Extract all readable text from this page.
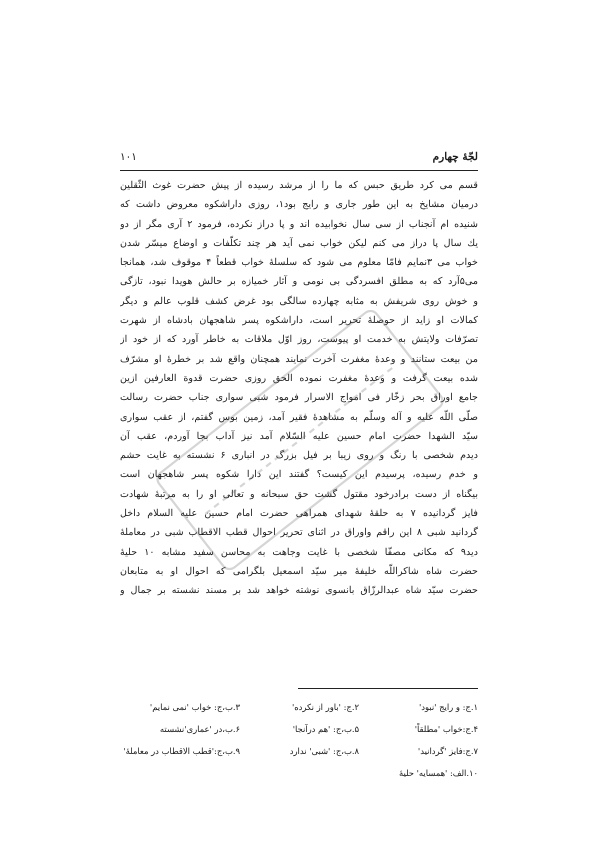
لجّهٔ چهارم
۱۰۱
قسم می کرد طریق حبس که ما را از مرشد رسیده از پیش حضرت غوث الثّقلین
درمیان مشایخ به این طور جاری و رایج بود۱، روزی داراشکوه معروض داشت که
شنیده ام آنجناب از سی سال نخوابیده اند و پا دراز نکرده، فرمود ۲ آری مگر از دو
یك سال پا دراز می کنم لیکن خواب نمی آید هر چند تکلّفات و اوضاع میسّر شدن
خواب می ۳نمایم فامّا معلوم می شود که سلسلهٔ خواب قطعاً ۴ موقوف شد، همانجا
می۵آرد که به مطلق افسردگی بی نومی و آثار خمیازه بر حالش هویدا نبود، تازگی
و خوش روی شریفش به مثابه چهارده سالگی بود غرض کشف قلوب عالم و دیگر
کمالات او زاید از حوصلهٔ تحریر است، داراشکوه پسر شاهجهان بادشاه از شهرت
تصرّفات ولایتش به خدمت او پیوست، روز اوّل ملاقات به خاطر آورد که از خود از
من بیعت ستانند و وعدهٔ مغفرت آخرت نمایند همچنان واقع شد بر خطرهٔ او مشرّف
شده بیعت گرفت و وعدهٔ مغفرت نموده الحق روزی حضرت قدوة العارفین ازین
جامع اوراق بحر زخّار فی امواج الاسرار فرمود شبی سواری جناب حضرت رسالت
صلّی اللّه علیه و آله وسلّم به مشاهدهٔ فقیر آمد، زمین بوس گفتم، از عقب سواری
سیّد الشهدا حضرت امام حسین علیه السّلام آمد نیز آداب بجا آوردم، عقب آن
دیدم شخصی با رنگ و روی زیبا بر فیل بزرگ در انباری ۶ نشسته به غایت حشم
و خدم رسیده، پرسیدم این کیست؟ گفتند این دارا شکوه پسر شاهجهان است
بیگناه از دست برادرخود مقتول گشت حق سبحانه و تعالی او را به مرتبهٔ شهادت
فایز گردانیده ۷ به حلقهٔ شهدای همراهی حضرت امام حسین علیه السلام داخل
گردانید شبی ۸ این راقم واوراق در اثنای تحریر احوال قطب الاقطاب شبی در معاملهٔ
دید۹ که مکانی مصفّا شخصی با غایت وجاهت به محاسن سفید مشابه ۱۰ حلیهٔ
حضرت شاه شاکراللّه خلیفهٔ میر سیّد اسمعیل بلگرامی که احوال او به متابعان
حضرت سیّد شاه عبدالرزّاق بانسوی نوشته خواهد شد بر مسند نشسته بر جمال و
۱.ج: و رایج 'نبود'
۲.ج: 'باور از نکرده'
۳.ب،ج: خواب 'نمی نمایم'
۴.ج:خواب 'مطلقاً'
۵.ب،ج: 'هم درآنجا'
۶.ب،در 'عماری'نشسته
۷.ج:فایز 'گردانید'
۸.ب،ج: 'شبی' ندارد
۹.ب،ج:'قطب الاقطاب در معاملهٔ'
۱۰.الف: 'همسایه' حلیهٔ
